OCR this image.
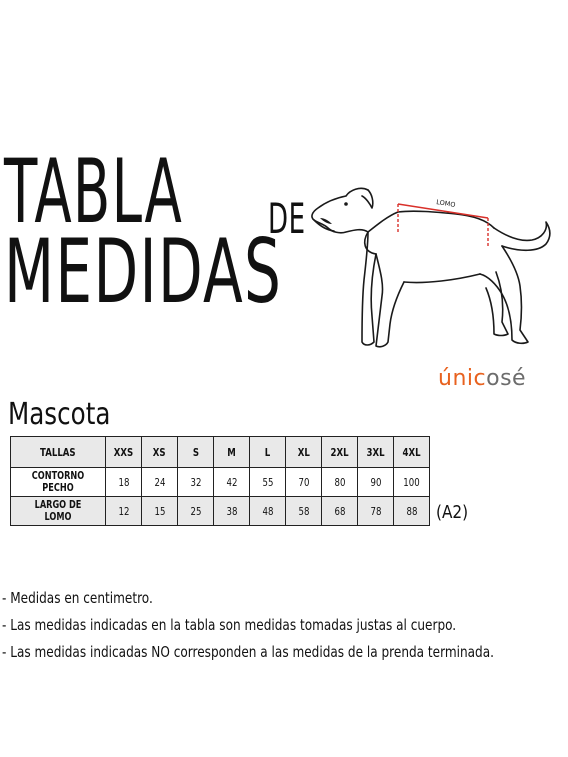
TABLA DE
MEDIDAS
LOMO
únicosé
Mascota
TALLAS	XXS	XS	S	M	L	XL	2XL	3XL	4XL
CONTORNO PECHO	18	24	32	42	55	70	80	90	100
LARGO DE LOMO	12	15	25	38	48	58	68	78	88 (A2)
- Medidas en centimetro.
- Las medidas indicadas en la tabla son medidas tomadas justas al cuerpo.
- Las medidas indicadas NO corresponden a las medidas de la prenda terminada.
